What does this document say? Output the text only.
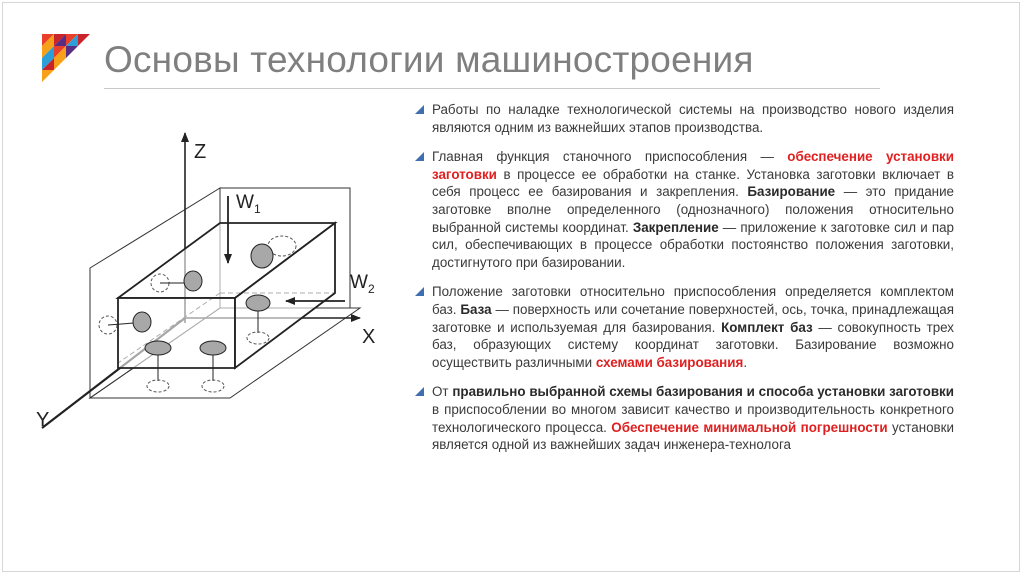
Основы технологии машиностроения
Z
X
Y
$W_1$
$W_2$
Работы по наладке технологической системы на производство нового изделия являются одним из важнейших этапов производства.
Главная функция станочного приспособления — обеспечение установки заготовки в процессе ее обработки на станке. Установка заготовки включает в себя процесс ее базирования и закрепления. Базирование — это придание заготовке вполне определенного (однозначного) положения относительно выбранной системы координат. Закрепление — приложение к заготовке сил и пар сил, обеспечивающих в процессе обработки постоянство положения заготовки, достигнутого при базировании.
Положение заготовки относительно приспособления определяется комплектом баз. База — поверхность или сочетание поверхностей, ось, точка, принадлежащая заготовке и используемая для базирования. Комплект баз — совокупность трех баз, образующих систему координат заготовки. Базирование возможно осуществить различными схемами базирования.
От правильно выбранной схемы базирования и способа установки заготовки в приспособлении во многом зависит качество и производительность конкретного технологического процесса. Обеспечение минимальной погрешности установки является одной из важнейших задач инженера-технолога
